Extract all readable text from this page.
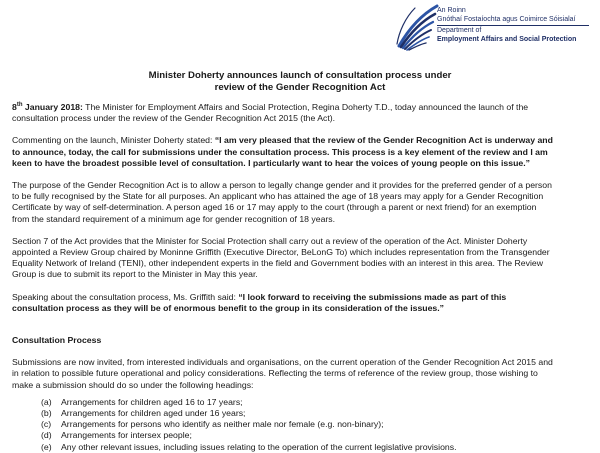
An Roinn
Gnóthaí Fostaíochta agus Coimirce Sóisialaí
Department of
Employment Affairs and Social Protection
Minister Doherty announces launch of consultation process under
review of the Gender Recognition Act
8th January 2018: The Minister for Employment Affairs and Social Protection, Regina Doherty T.D., today announced the launch of the
consultation process under the review of the Gender Recognition Act 2015 (the Act).
Commenting on the launch, Minister Doherty stated: “I am very pleased that the review of the Gender Recognition Act is underway and
to announce, today, the call for submissions under the consultation process. This process is a key element of the review and I am
keen to have the broadest possible level of consultation. I particularly want to hear the voices of young people on this issue.”
The purpose of the Gender Recognition Act is to allow a person to legally change gender and it provides for the preferred gender of a person
to be fully recognised by the State for all purposes. An applicant who has attained the age of 18 years may apply for a Gender Recognition
Certificate by way of self-determination. A person aged 16 or 17 may apply to the court (through a parent or next friend) for an exemption
from the standard requirement of a minimum age for gender recognition of 18 years.
Section 7 of the Act provides that the Minister for Social Protection shall carry out a review of the operation of the Act. Minister Doherty
appointed a Review Group chaired by Moninne Griffith (Executive Director, BeLonG To) which includes representation from the Transgender
Equality Network of Ireland (TENI), other independent experts in the field and Government bodies with an interest in this area. The Review
Group is due to submit its report to the Minister in May this year.
Speaking about the consultation process, Ms. Griffith said: “I look forward to receiving the submissions made as part of this
consultation process as they will be of enormous benefit to the group in its consideration of the issues.”
Consultation Process
Submissions are now invited, from interested individuals and organisations, on the current operation of the Gender Recognition Act 2015 and
in relation to possible future operational and policy considerations. Reflecting the terms of reference of the review group, those wishing to
make a submission should do so under the following headings:
(a)	Arrangements for children aged 16 to 17 years;
(b)	Arrangements for children aged under 16 years;
(c)	Arrangements for persons who identify as neither male nor female (e.g. non-binary);
(d)	Arrangements for intersex people;
(e)	Any other relevant issues, including issues relating to the operation of the current legislative provisions.
